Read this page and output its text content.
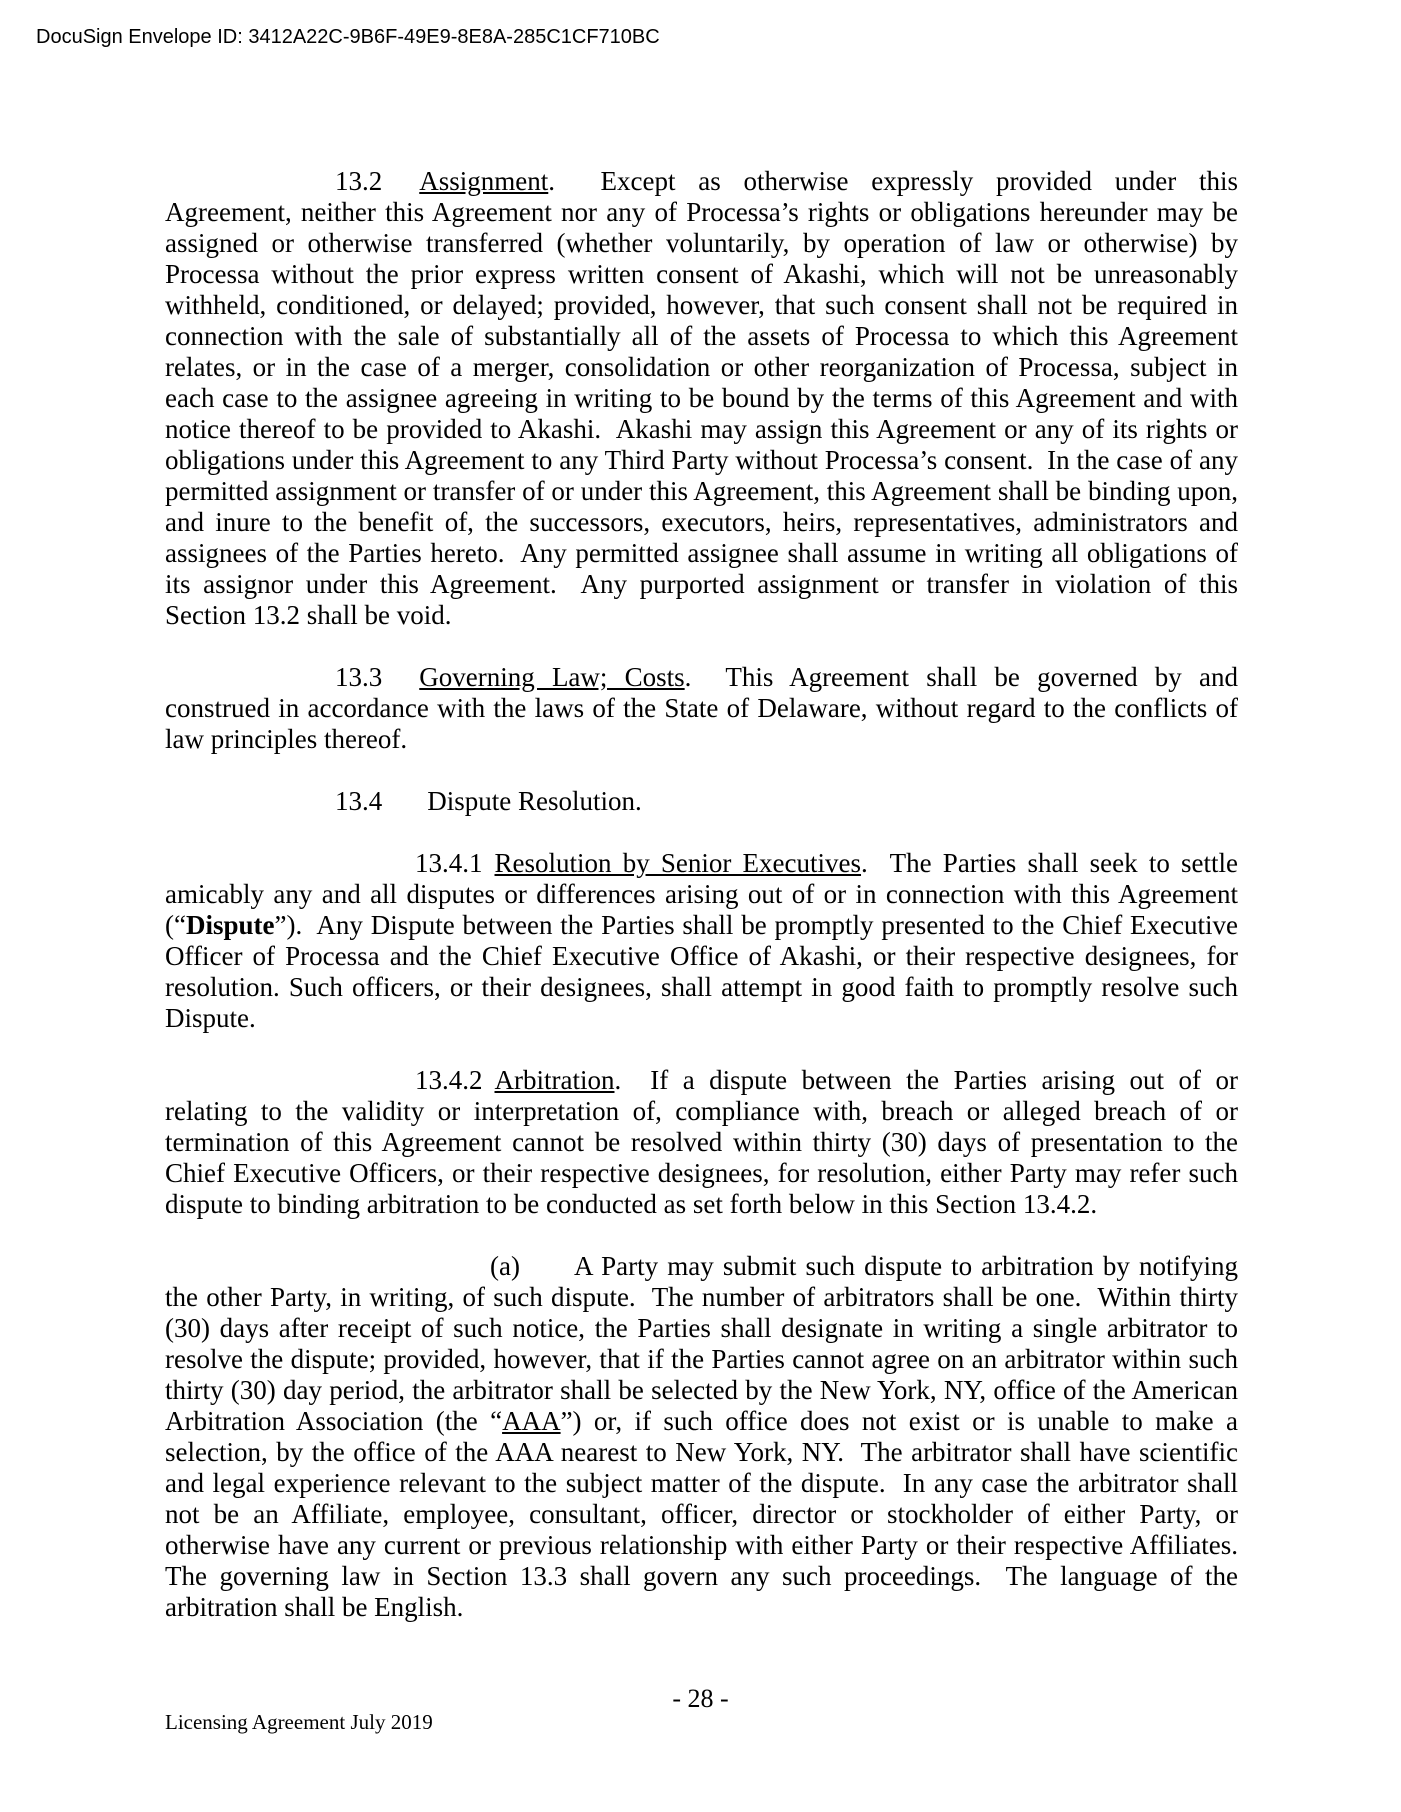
DocuSign Envelope ID: 3412A22C-9B6F-49E9-8E8A-285C1CF710BC

13.2 Assignment.  Except as otherwise expressly provided under this Agreement, neither this Agreement nor any of Processa’s rights or obligations hereunder may be assigned or otherwise transferred (whether voluntarily, by operation of law or otherwise) by Processa without the prior express written consent of Akashi, which will not be unreasonably withheld, conditioned, or delayed; provided, however, that such consent shall not be required in connection with the sale of substantially all of the assets of Processa to which this Agreement relates, or in the case of a merger, consolidation or other reorganization of Processa, subject in each case to the assignee agreeing in writing to be bound by the terms of this Agreement and with notice thereof to be provided to Akashi.  Akashi may assign this Agreement or any of its rights or obligations under this Agreement to any Third Party without Processa’s consent.  In the case of any permitted assignment or transfer of or under this Agreement, this Agreement shall be binding upon, and inure to the benefit of, the successors, executors, heirs, representatives, administrators and assignees of the Parties hereto.  Any permitted assignee shall assume in writing all obligations of its assignor under this Agreement.  Any purported assignment or transfer in violation of this Section 13.2 shall be void.

13.3 Governing Law; Costs.  This Agreement shall be governed by and construed in accordance with the laws of the State of Delaware, without regard to the conflicts of law principles thereof.

13.4 Dispute Resolution.

13.4.1 Resolution by Senior Executives.  The Parties shall seek to settle amicably any and all disputes or differences arising out of or in connection with this Agreement (“Dispute”).  Any Dispute between the Parties shall be promptly presented to the Chief Executive Officer of Processa and the Chief Executive Office of Akashi, or their respective designees, for resolution. Such officers, or their designees, shall attempt in good faith to promptly resolve such Dispute.

13.4.2 Arbitration.  If a dispute between the Parties arising out of or relating to the validity or interpretation of, compliance with, breach or alleged breach of or termination of this Agreement cannot be resolved within thirty (30) days of presentation to the Chief Executive Officers, or their respective designees, for resolution, either Party may refer such dispute to binding arbitration to be conducted as set forth below in this Section 13.4.2.

(a) A Party may submit such dispute to arbitration by notifying the other Party, in writing, of such dispute.  The number of arbitrators shall be one.  Within thirty (30) days after receipt of such notice, the Parties shall designate in writing a single arbitrator to resolve the dispute; provided, however, that if the Parties cannot agree on an arbitrator within such thirty (30) day period, the arbitrator shall be selected by the New York, NY, office of the American Arbitration Association (the “AAA”) or, if such office does not exist or is unable to make a selection, by the office of the AAA nearest to New York, NY.  The arbitrator shall have scientific and legal experience relevant to the subject matter of the dispute.  In any case the arbitrator shall not be an Affiliate, employee, consultant, officer, director or stockholder of either Party, or otherwise have any current or previous relationship with either Party or their respective Affiliates.  The governing law in Section 13.3 shall govern any such proceedings.  The language of the arbitration shall be English.

- 28 -
Licensing Agreement July 2019
